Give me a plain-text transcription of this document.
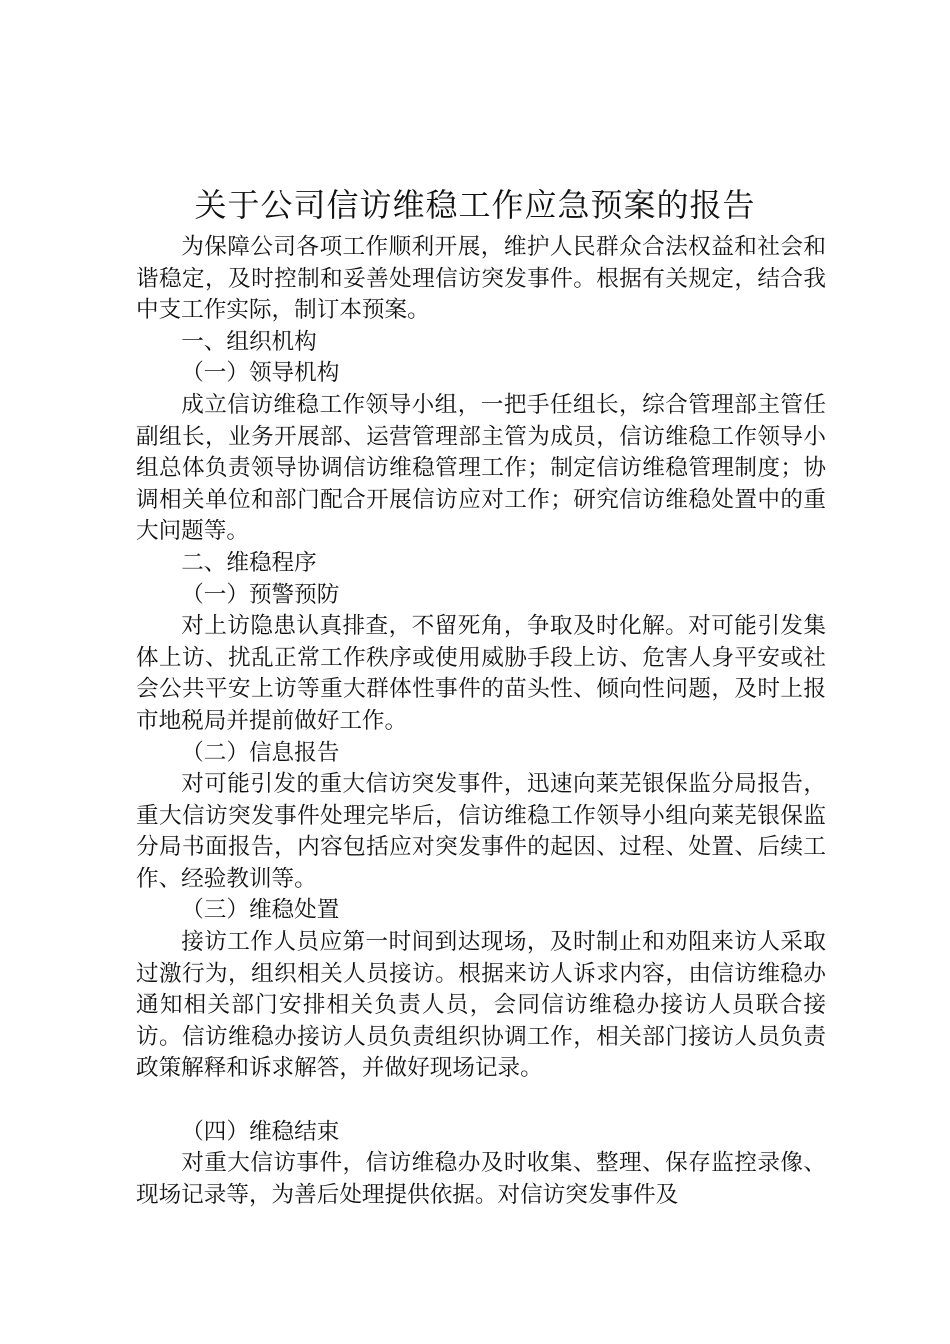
关于公司信访维稳工作应急预案的报告

为保障公司各项工作顺利开展，维护人民群众合法权益和社会和谐稳定，及时控制和妥善处理信访突发事件。根据有关规定，结合我中支工作实际，制订本预案。

一、组织机构

（一）领导机构

成立信访维稳工作领导小组，一把手任组长，综合管理部主管任副组长，业务开展部、运营管理部主管为成员，信访维稳工作领导小组总体负责领导协调信访维稳管理工作；制定信访维稳管理制度；协调相关单位和部门配合开展信访应对工作；研究信访维稳处置中的重大问题等。

二、维稳程序

（一）预警预防

对上访隐患认真排查，不留死角，争取及时化解。对可能引发集体上访、扰乱正常工作秩序或使用威胁手段上访、危害人身平安或社会公共平安上访等重大群体性事件的苗头性、倾向性问题，及时上报市地税局并提前做好工作。

（二）信息报告

对可能引发的重大信访突发事件，迅速向莱芜银保监分局报告，重大信访突发事件处理完毕后，信访维稳工作领导小组向莱芜银保监分局书面报告，内容包括应对突发事件的起因、过程、处置、后续工作、经验教训等。

（三）维稳处置

接访工作人员应第一时间到达现场，及时制止和劝阻来访人采取过激行为，组织相关人员接访。根据来访人诉求内容，由信访维稳办通知相关部门安排相关负责人员，会同信访维稳办接访人员联合接访。信访维稳办接访人员负责组织协调工作，相关部门接访人员负责政策解释和诉求解答，并做好现场记录。

（四）维稳结束

对重大信访事件，信访维稳办及时收集、整理、保存监控录像、现场记录等，为善后处理提供依据。对信访突发事件及
